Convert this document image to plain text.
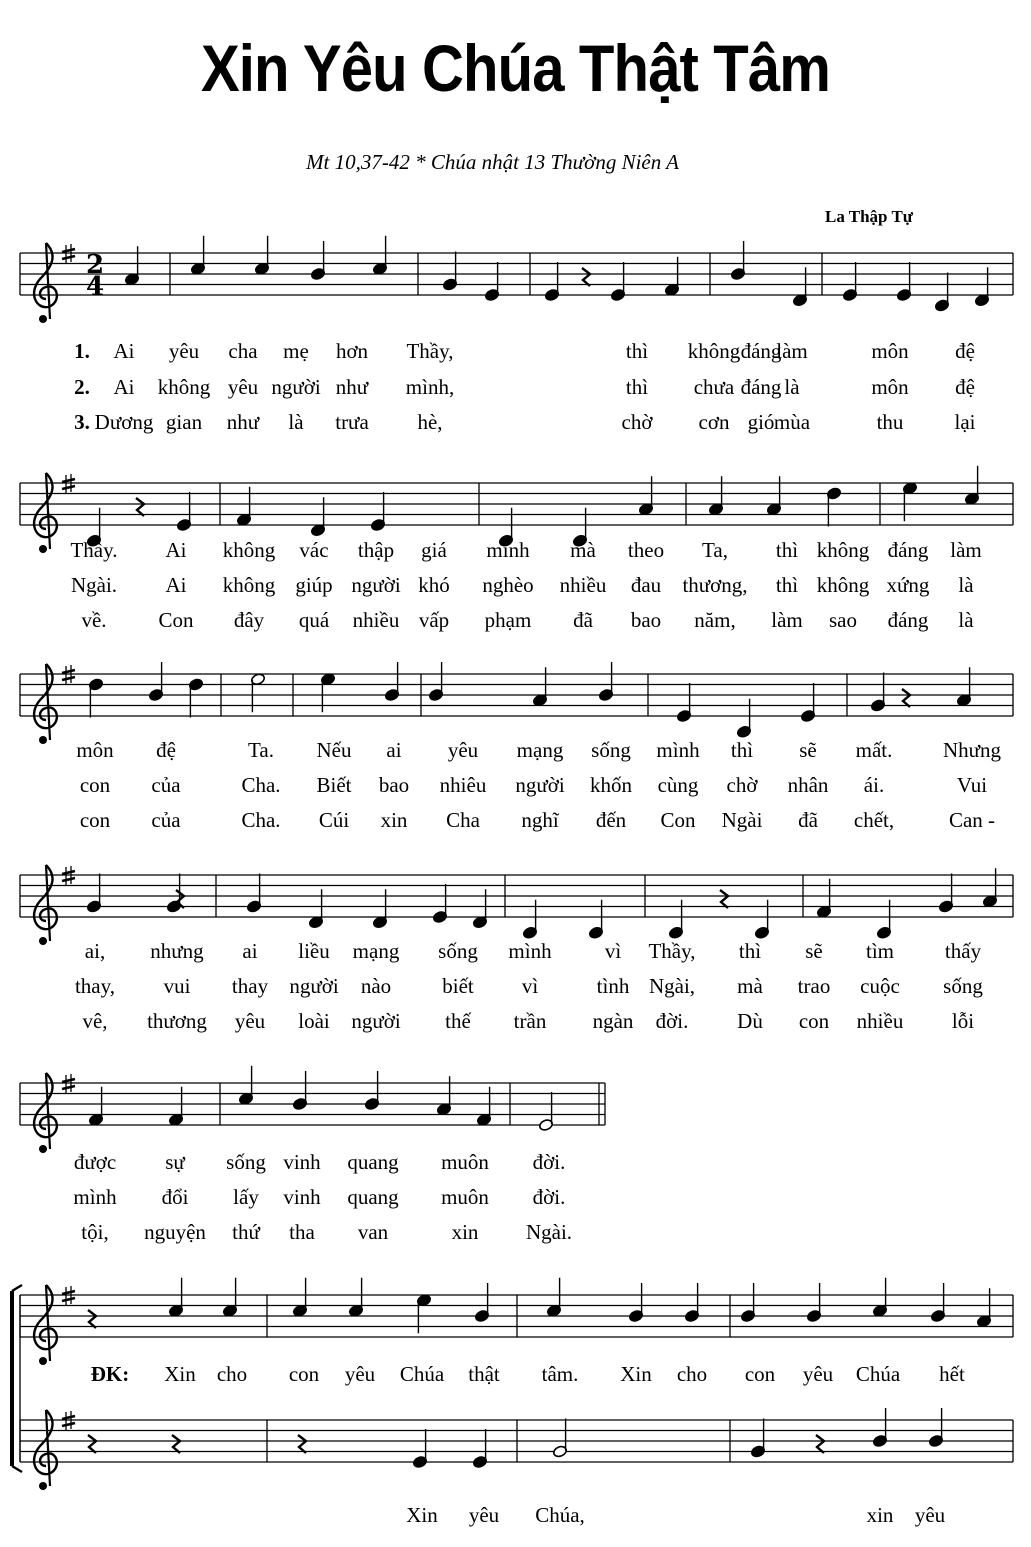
Xin Yêu Chúa Thật Tâm
Mt 10,37-42 * Chúa nhật 13 Thường Niên A
La Thập Tự
2
4
1. Ai yêu cha mẹ hơn Thầy,	thì không đáng
làm	môn đệ
2. Ai không yêu người như mình,	thì chưa đáng là	môn đệ
3. Dương gian như là trưa hè,	chờ cơn gió mùa	thu lại
Thầy. Ai không vác thập giá mình mà theo Ta, thì không đáng làm
Ngài. Ai không giúp người khó nghèo nhiều đau thương, thì không xứng là
về. Con đây quá nhiều vấp phạm đã bao năm, làm sao đáng là
môn đệ	Ta. Nếu ai yêu mạng sống mình thì sẽ mất. Nhưng
con của	Cha. Biết bao nhiêu người khốn cùng chờ nhân ái.	Vui
con của	Cha. Cúi xin Cha nghĩ đến Con Ngài đã chết,	Can -
ai, nhưng ai liều mạng sống mình	vì Thầy, thì sẽ tìm thấy
thay, vui thay người nào biết vì	tình Ngài, mà trao cuộc sống
vê, thương yêu loài người thế trần ngàn đời. Dù con nhiều lỗi
được sự sống vinh quang muôn đời.
mình đổi lấy vinh quang muôn đời.
tội, nguyện thứ tha van	xin Ngài.
ĐK: Xin cho con yêu Chúa thật tâm. Xin cho con yêu Chúa hết
Xin yêu Chúa,	xin yêu
